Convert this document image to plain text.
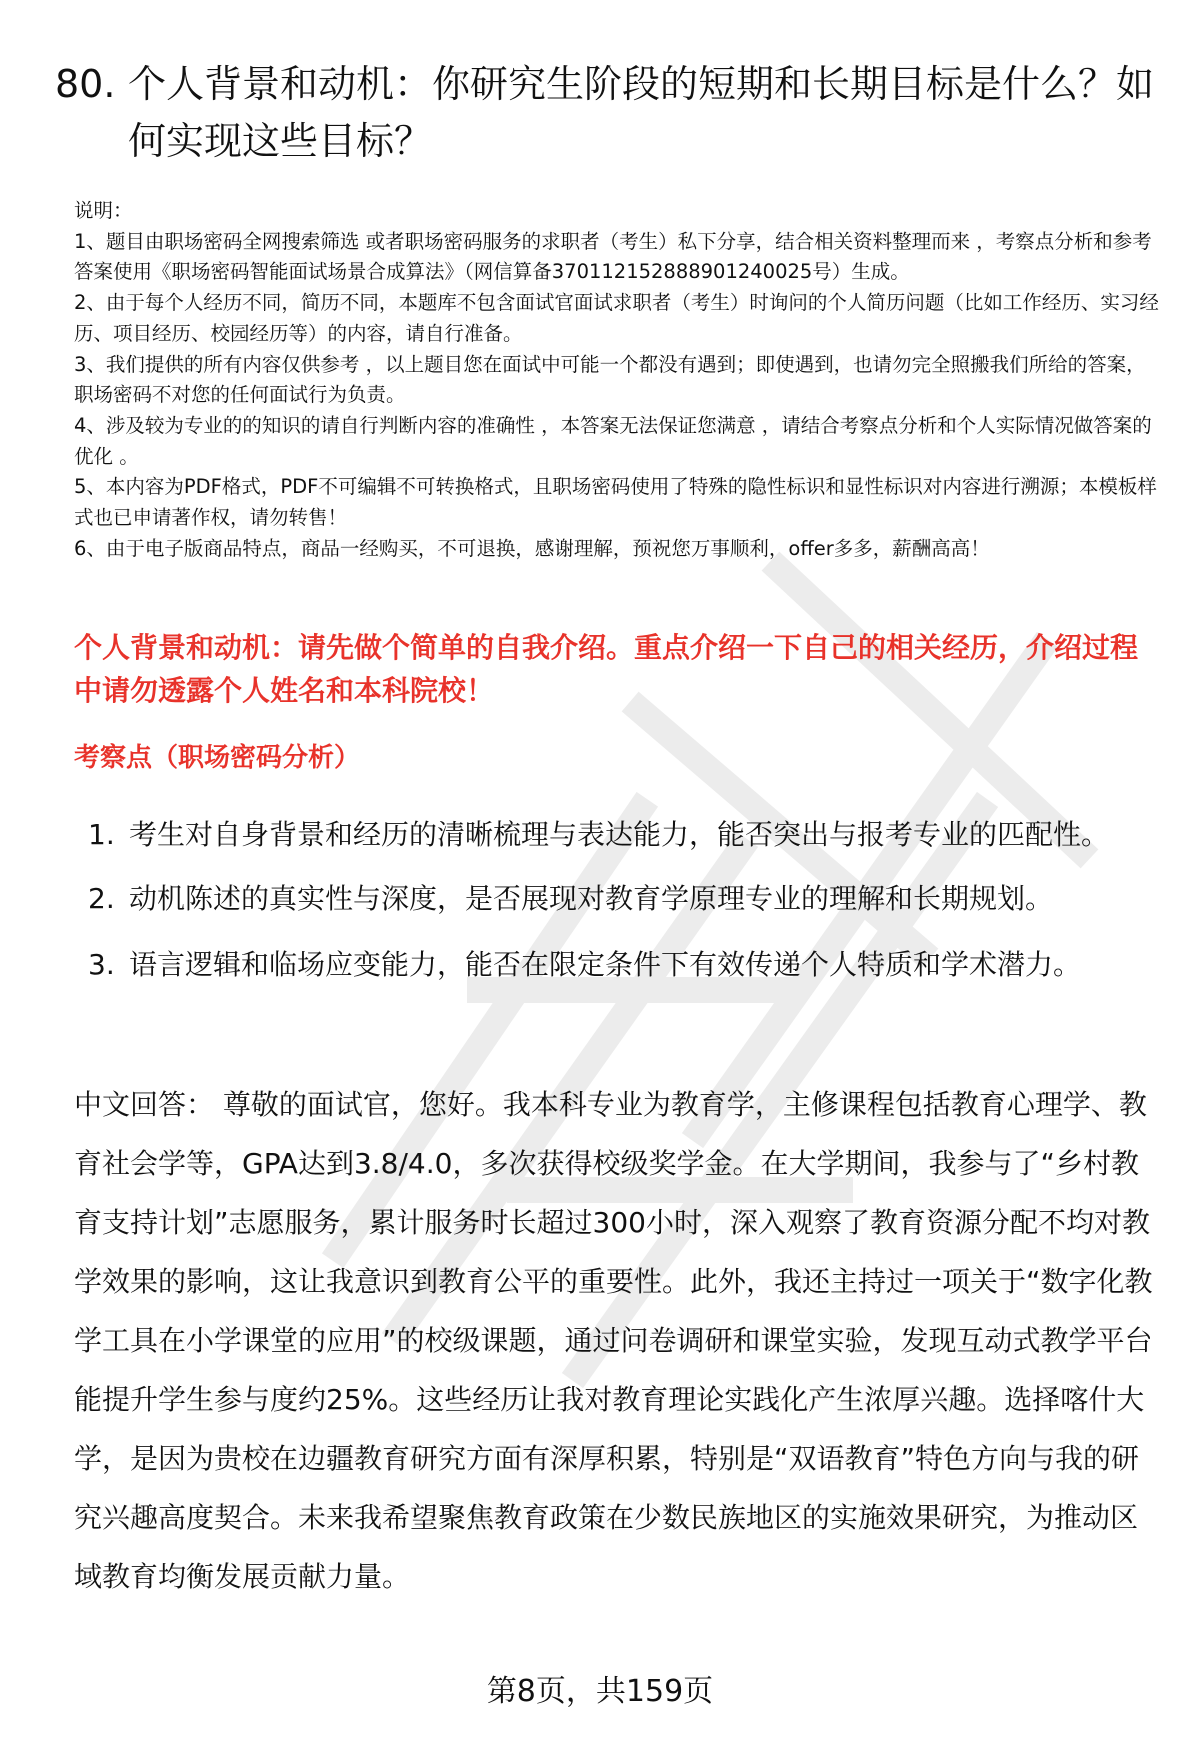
80. 个人背景和动机：你研究生阶段的短期和长期目标是什么？如何实现这些目标？
说明：
1、题目由职场密码全网搜索筛选 或者职场密码服务的求职者（考生）私下分享，结合相关资料整理而来 ，考察点分析和参考答案使用《职场密码智能面试场景合成算法》（网信算备370112152888901240025号）生成。
2、由于每个人经历不同，简历不同，本题库不包含面试官面试求职者（考生）时询问的个人简历问题（比如工作经历、实习经历、项目经历、校园经历等）的内容，请自行准备。
3、我们提供的所有内容仅供参考 ，以上题目您在面试中可能一个都没有遇到；即使遇到，也请勿完全照搬我们所给的答案，职场密码不对您的任何面试行为负责。
4、涉及较为专业的的知识的请自行判断内容的准确性 ，本答案无法保证您满意 ，请结合考察点分析和个人实际情况做答案的优化 。
5、本内容为PDF格式，PDF不可编辑不可转换格式，且职场密码使用了特殊的隐性标识和显性标识对内容进行溯源；本模板样式也已申请著作权，请勿转售！
6、由于电子版商品特点，商品一经购买，不可退换，感谢理解，预祝您万事顺利，offer多多，薪酬高高！
个人背景和动机：请先做个简单的自我介绍。重点介绍一下自己的相关经历，介绍过程中请勿透露个人姓名和本科院校！
考察点（职场密码分析）
1. 考生对自身背景和经历的清晰梳理与表达能力，能否突出与报考专业的匹配性。
2. 动机陈述的真实性与深度，是否展现对教育学原理专业的理解和长期规划。
3. 语言逻辑和临场应变能力，能否在限定条件下有效传递个人特质和学术潜力。
中文回答： 尊敬的面试官，您好。我本科专业为教育学，主修课程包括教育心理学、教育社会学等，GPA达到3.8/4.0，多次获得校级奖学金。在大学期间，我参与了“乡村教育支持计划”志愿服务，累计服务时长超过300小时，深入观察了教育资源分配不均对教学效果的影响，这让我意识到教育公平的重要性。此外，我还主持过一项关于“数字化教学工具在小学课堂的应用”的校级课题，通过问卷调研和课堂实验，发现互动式教学平台能提升学生参与度约25%。这些经历让我对教育理论实践化产生浓厚兴趣。选择喀什大学，是因为贵校在边疆教育研究方面有深厚积累，特别是“双语教育”特色方向与我的研究兴趣高度契合。未来我希望聚焦教育政策在少数民族地区的实施效果研究，为推动区域教育均衡发展贡献力量。
第8页，共159页
